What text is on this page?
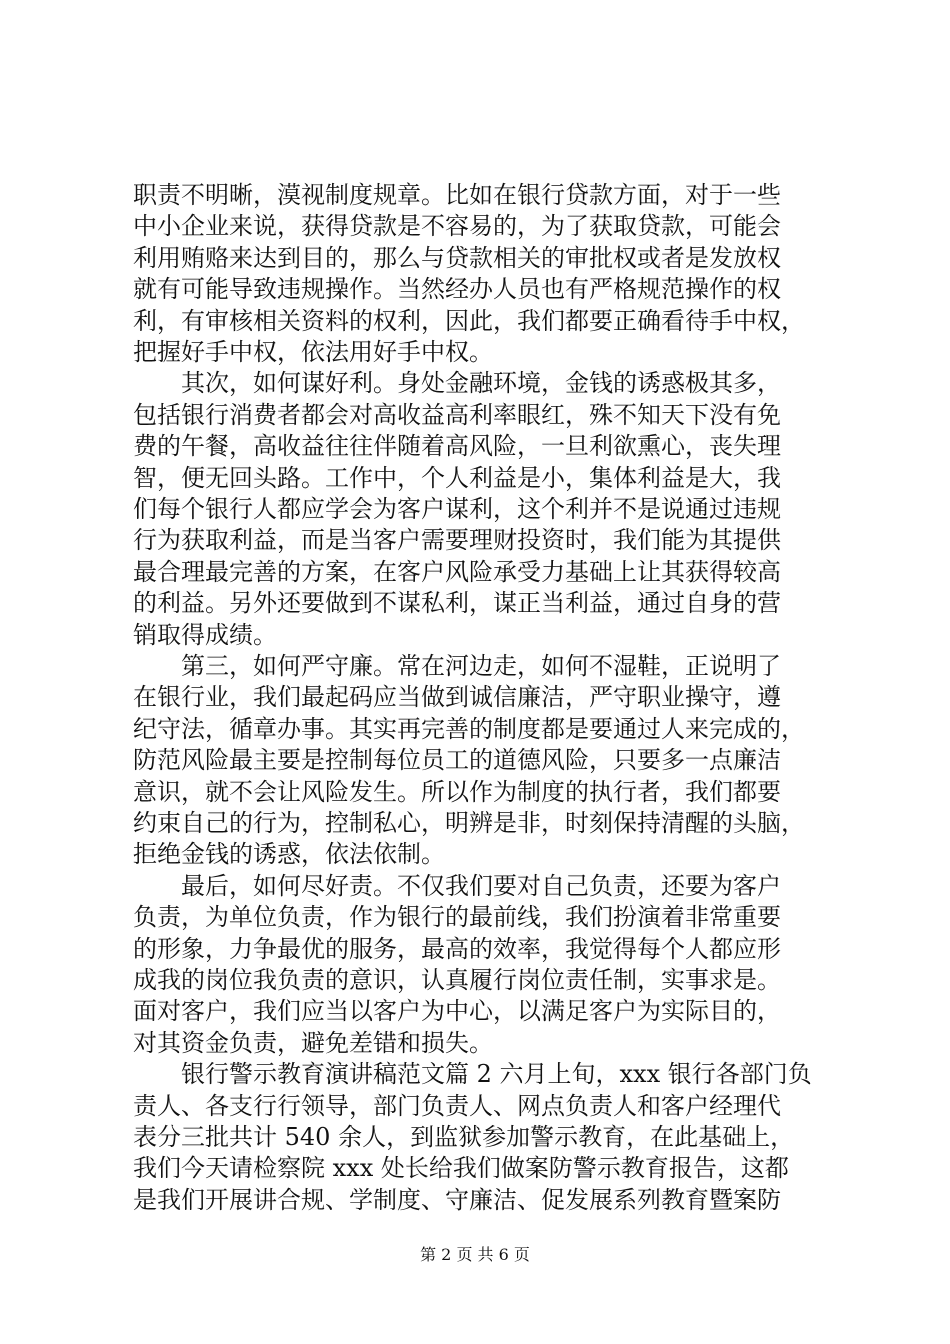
职责不明晰，漠视制度规章。比如在银行贷款方面，对于一些
中小企业来说，获得贷款是不容易的，为了获取贷款，可能会
利用贿赂来达到目的，那么与贷款相关的审批权或者是发放权
就有可能导致违规操作。当然经办人员也有严格规范操作的权
利，有审核相关资料的权利，因此，我们都要正确看待手中权，
把握好手中权，依法用好手中权。
　　其次，如何谋好利。身处金融环境，金钱的诱惑极其多，
包括银行消费者都会对高收益高利率眼红，殊不知天下没有免
费的午餐，高收益往往伴随着高风险，一旦利欲熏心，丧失理
智，便无回头路。工作中，个人利益是小，集体利益是大，我
们每个银行人都应学会为客户谋利，这个利并不是说通过违规
行为获取利益，而是当客户需要理财投资时，我们能为其提供
最合理最完善的方案，在客户风险承受力基础上让其获得较高
的利益。另外还要做到不谋私利，谋正当利益，通过自身的营
销取得成绩。
　　第三，如何严守廉。常在河边走，如何不湿鞋，正说明了
在银行业，我们最起码应当做到诚信廉洁，严守职业操守，遵
纪守法，循章办事。其实再完善的制度都是要通过人来完成的，
防范风险最主要是控制每位员工的道德风险，只要多一点廉洁
意识，就不会让风险发生。所以作为制度的执行者，我们都要
约束自己的行为，控制私心，明辨是非，时刻保持清醒的头脑，
拒绝金钱的诱惑，依法依制。
　　最后，如何尽好责。不仅我们要对自己负责，还要为客户
负责，为单位负责，作为银行的最前线，我们扮演着非常重要
的形象，力争最优的服务，最高的效率，我觉得每个人都应形
成我的岗位我负责的意识，认真履行岗位责任制，实事求是。
面对客户，我们应当以客户为中心，以满足客户为实际目的，
对其资金负责，避免差错和损失。
　　银行警示教育演讲稿范文篇 2 六月上旬，xxx 银行各部门负
责人、各支行行领导，部门负责人、网点负责人和客户经理代
表分三批共计 540 余人，到监狱参加警示教育，在此基础上，
我们今天请检察院 xxx 处长给我们做案防警示教育报告，这都
是我们开展讲合规、学制度、守廉洁、促发展系列教育暨案防
第 2 页 共 6 页
